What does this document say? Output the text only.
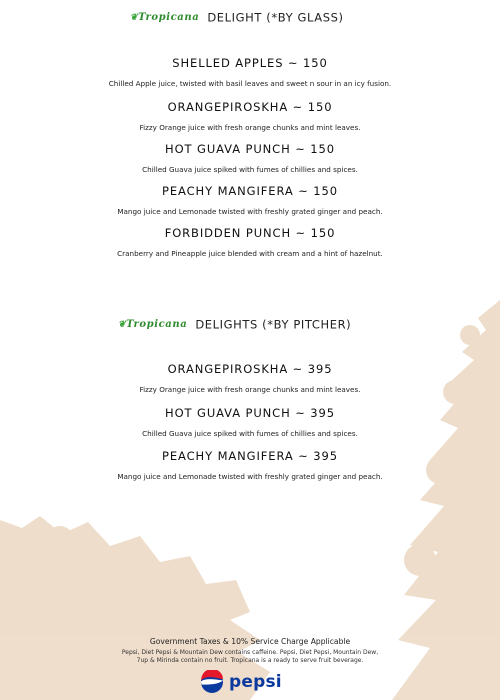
❦Tropicana DELIGHT (*BY GLASS)
SHELLED APPLES ~ 150
Chilled Apple juice, twisted with basil leaves and sweet n sour in an icy fusion.
ORANGEPIROSKHA ~ 150
Fizzy Orange juice with fresh orange chunks and mint leaves.
HOT GUAVA PUNCH ~ 150
Chilled Guava juice spiked with fumes of chillies and spices.
PEACHY MANGIFERA ~ 150
Mango juice and Lemonade twisted with freshly grated ginger and peach.
FORBIDDEN PUNCH ~ 150
Cranberry and Pineapple juice blended with cream and a hint of hazelnut.
❦Tropicana DELIGHTS (*BY PITCHER)
ORANGEPIROSKHA ~ 395
Fizzy Orange juice with fresh orange chunks and mint leaves.
HOT GUAVA PUNCH ~ 395
Chilled Guava juice spiked with fumes of chillies and spices.
PEACHY MANGIFERA ~ 395
Mango juice and Lemonade twisted with freshly grated ginger and peach.
Government Taxes & 10% Service Charge Applicable
Pepsi, Diet Pepsi & Mountain Dew contains caffeine. Pepsi, Diet Pepsi, Mountain Dew,
7up & Mirinda contain no fruit. Tropicana is a ready to serve fruit beverage.
pepsi
